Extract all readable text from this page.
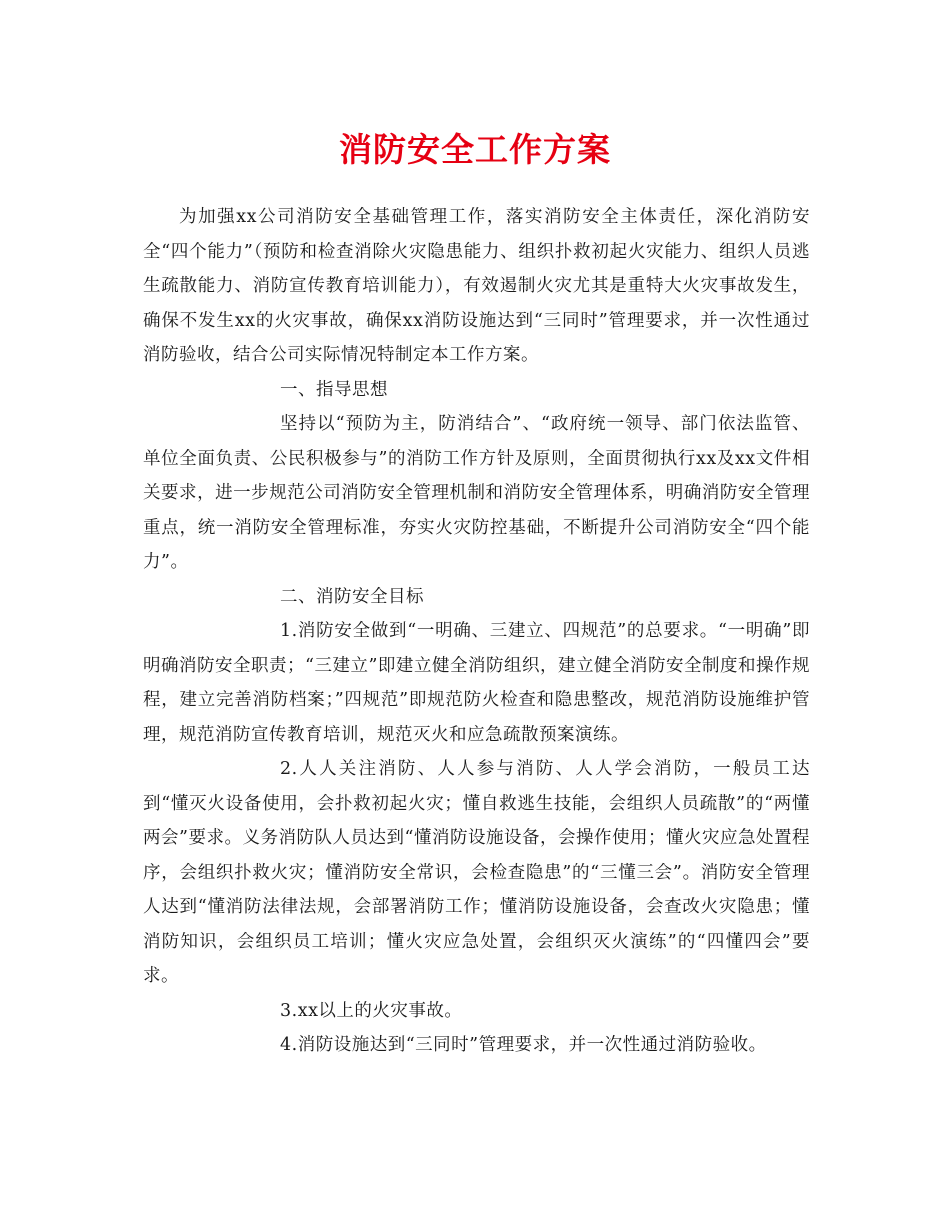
消防安全工作方案

为加强xx公司消防安全基础管理工作，落实消防安全主体责任，深化消防安全“四个能力”（预防和检查消除火灾隐患能力、组织扑救初起火灾能力、组织人员逃生疏散能力、消防宣传教育培训能力），有效遏制火灾尤其是重特大火灾事故发生，确保不发生xx的火灾事故，确保xx消防设施达到“三同时”管理要求，并一次性通过消防验收，结合公司实际情况特制定本工作方案。

一、指导思想

坚持以“预防为主，防消结合”、“政府统一领导、部门依法监管、单位全面负责、公民积极参与”的消防工作方针及原则，全面贯彻执行xx及xx文件相关要求，进一步规范公司消防安全管理机制和消防安全管理体系，明确消防安全管理重点，统一消防安全管理标准，夯实火灾防控基础，不断提升公司消防安全“四个能力”。

二、消防安全目标

1.消防安全做到“一明确、三建立、四规范”的总要求。“一明确”即明确消防安全职责；“三建立”即建立健全消防组织，建立健全消防安全制度和操作规程，建立完善消防档案；”四规范”即规范防火检查和隐患整改，规范消防设施维护管理，规范消防宣传教育培训，规范灭火和应急疏散预案演练。

2.人人关注消防、人人参与消防、人人学会消防，一般员工达到“懂灭火设备使用，会扑救初起火灾；懂自救逃生技能，会组织人员疏散”的“两懂两会”要求。义务消防队人员达到“懂消防设施设备，会操作使用；懂火灾应急处置程序，会组织扑救火灾；懂消防安全常识，会检查隐患”的“三懂三会”。消防安全管理人达到“懂消防法律法规，会部署消防工作；懂消防设施设备，会查改火灾隐患；懂消防知识，会组织员工培训；懂火灾应急处置，会组织灭火演练”的“四懂四会”要求。

3.xx以上的火灾事故。

4.消防设施达到“三同时”管理要求，并一次性通过消防验收。
